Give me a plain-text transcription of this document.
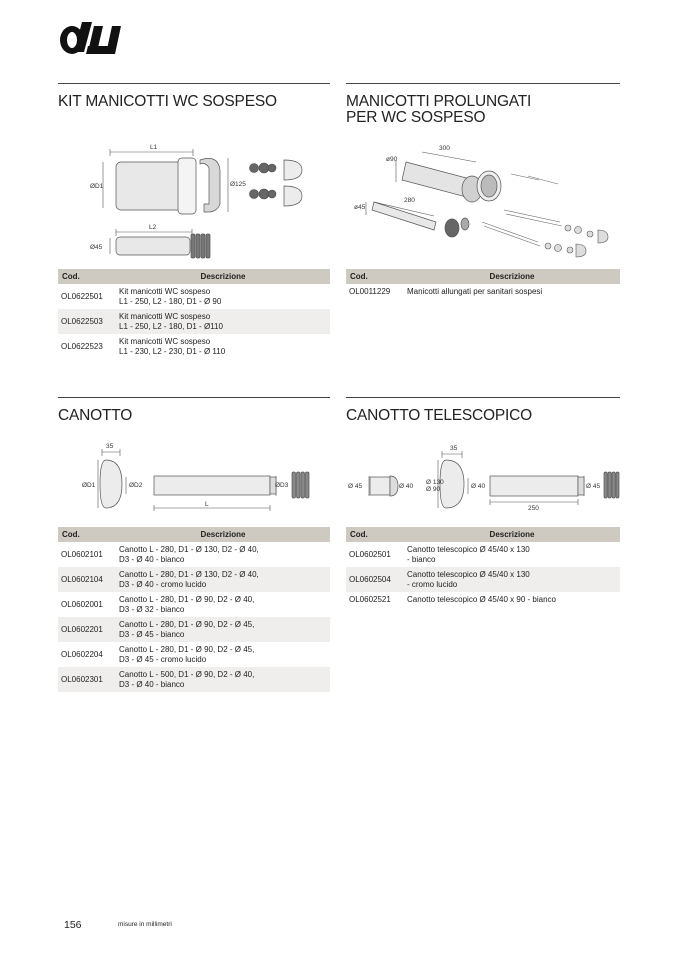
KIT MANICOTTI WC SOSPESO
L1
ØD1	Ø125
L2
Ø45
Cod.	Descrizione
OL0622501	Kit manicotti WC sospeso
L1 - 250, L2 - 180, D1 - Ø 90

OL0622503	Kit manicotti WC sospeso
L1 - 250, L2 - 180, D1 - Ø110

OL0622523	Kit manicotti WC sospeso
L1 - 230, L2 - 230, D1 - Ø 110
MANICOTTI PROLUNGATI
PER WC SOSPESO
300
ø90
280
ø45
Cod.	Descrizione
OL0011229	Manicotti allungati per sanitari sospesi
CANOTTO
35
ØD1	ØD2
L
ØD3
Cod.	Descrizione
OL0602101	Canotto L - 280, D1 - Ø 130, D2 - Ø 40,
D3 - Ø 40 - bianco

OL0602104	Canotto L - 280, D1 - Ø 130, D2 - Ø 40,
D3 - Ø 40 - cromo lucido

OL0602001	Canotto L - 280, D1 - Ø 90, D2 - Ø 40,
D3 - Ø 32 - bianco

OL0602201	Canotto L - 280, D1 - Ø 90, D2 - Ø 45,
D3 - Ø 45 - bianco

OL0602204	Canotto L - 280, D1 - Ø 90, D2 - Ø 45,
D3 - Ø 45 - cromo lucido

OL0602301	Canotto L - 500, D1 - Ø 90, D2 - Ø 40,
D3 - Ø 40 - bianco
CANOTTO TELESCOPICO
Ø 45	Ø 40
35
Ø 130
Ø 90	Ø 40	Ø 45
250
Cod.	Descrizione
OL0602501	Canotto telescopico Ø 45/40 x 130
- bianco

OL0602504	Canotto telescopico Ø 45/40 x 130
- cromo lucido

OL0602521	Canotto telescopico Ø 45/40 x 90 - bianco
156	misure in millimetri
